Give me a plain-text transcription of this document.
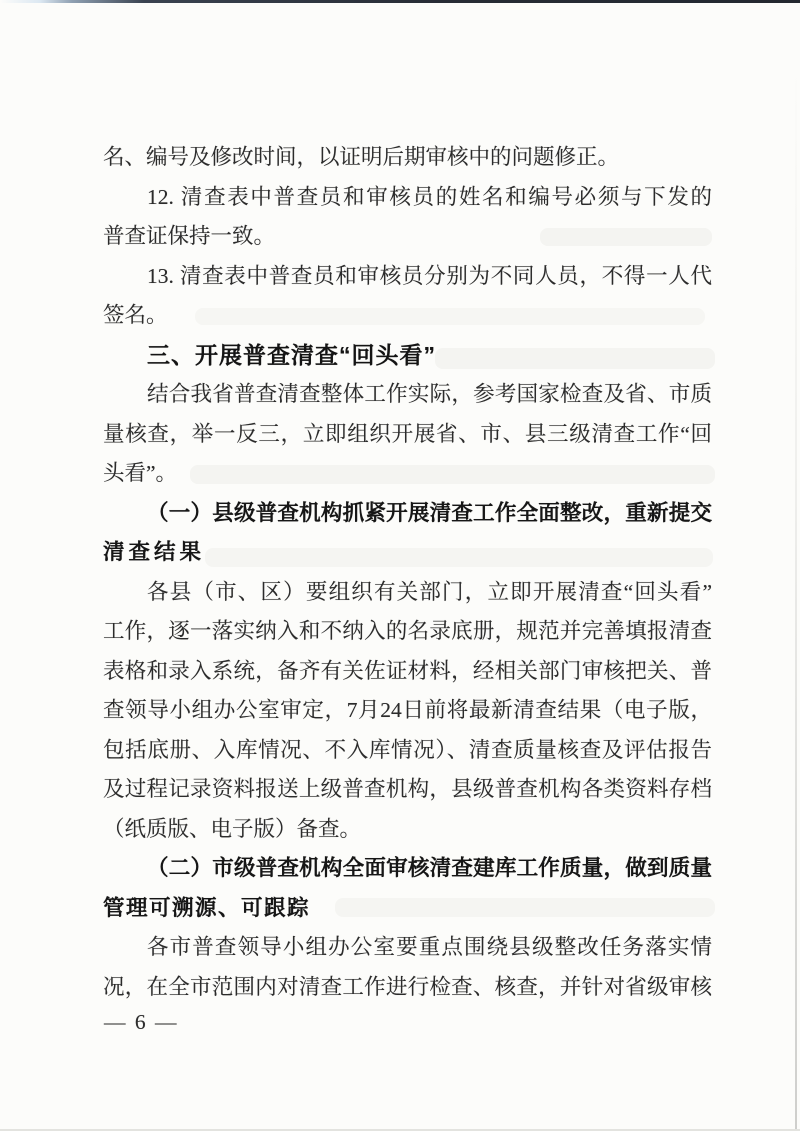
名、编号及修改时间，以证明后期审核中的问题修正。
12. 清查表中普查员和审核员的姓名和编号必须与下发的
普查证保持一致。
13. 清查表中普查员和审核员分别为不同人员，不得一人代
签名。
三、开展普查清查“回头看”
结合我省普查清查整体工作实际，参考国家检查及省、市质
量核查，举一反三，立即组织开展省、市、县三级清查工作“回
头看”。
（一）县级普查机构抓紧开展清查工作全面整改，重新提交
清查结果
各县（市、区）要组织有关部门，立即开展清查“回头看”
工作，逐一落实纳入和不纳入的名录底册，规范并完善填报清查
表格和录入系统，备齐有关佐证材料，经相关部门审核把关、普
查领导小组办公室审定，7月24日前将最新清查结果（电子版，
包括底册、入库情况、不入库情况）、清查质量核查及评估报告
及过程记录资料报送上级普查机构，县级普查机构各类资料存档
（纸质版、电子版）备查。
（二）市级普查机构全面审核清查建库工作质量，做到质量
管理可溯源、可跟踪
各市普查领导小组办公室要重点围绕县级整改任务落实情
况，在全市范围内对清查工作进行检查、核查，并针对省级审核
— 6 —
